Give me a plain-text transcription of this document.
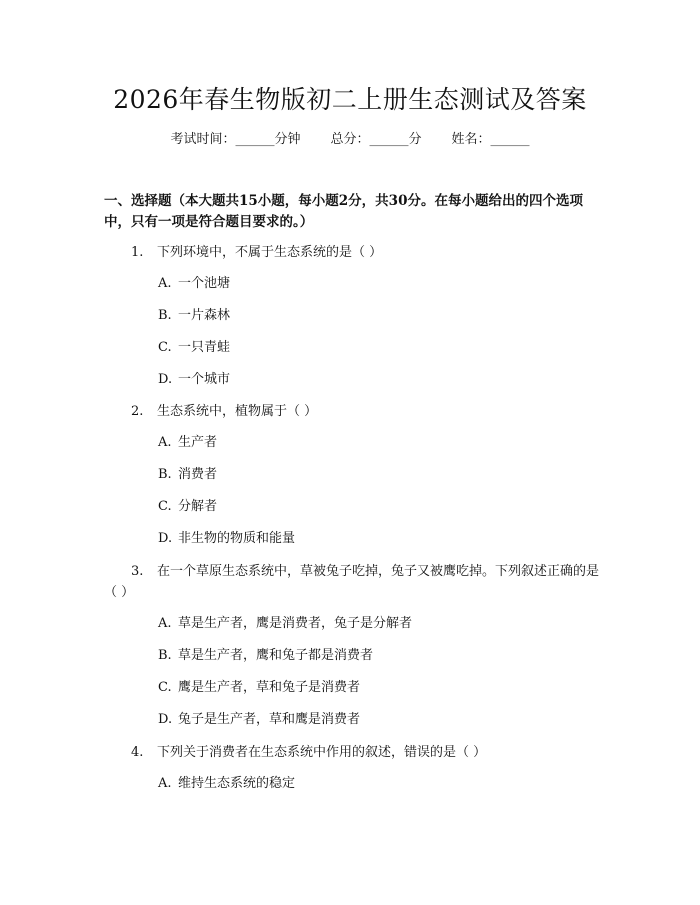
2026年春生物版初二上册生态测试及答案
考试时间：______分钟 总分：______分 姓名：______
一、选择题（本大题共15小题，每小题2分，共30分。在每小题给出的四个选项中，只有一项是符合题目要求的。）
1. 下列环境中，不属于生态系统的是（ ）
A. 一个池塘
B. 一片森林
C. 一只青蛙
D. 一个城市
2. 生态系统中，植物属于（ ）
A. 生产者
B. 消费者
C. 分解者
D. 非生物的物质和能量
3. 在一个草原生态系统中，草被兔子吃掉，兔子又被鹰吃掉。下列叙述正确的是（ ）
A. 草是生产者，鹰是消费者，兔子是分解者
B. 草是生产者，鹰和兔子都是消费者
C. 鹰是生产者，草和兔子是消费者
D. 兔子是生产者，草和鹰是消费者
4. 下列关于消费者在生态系统中作用的叙述，错误的是（ ）
A. 维持生态系统的稳定
